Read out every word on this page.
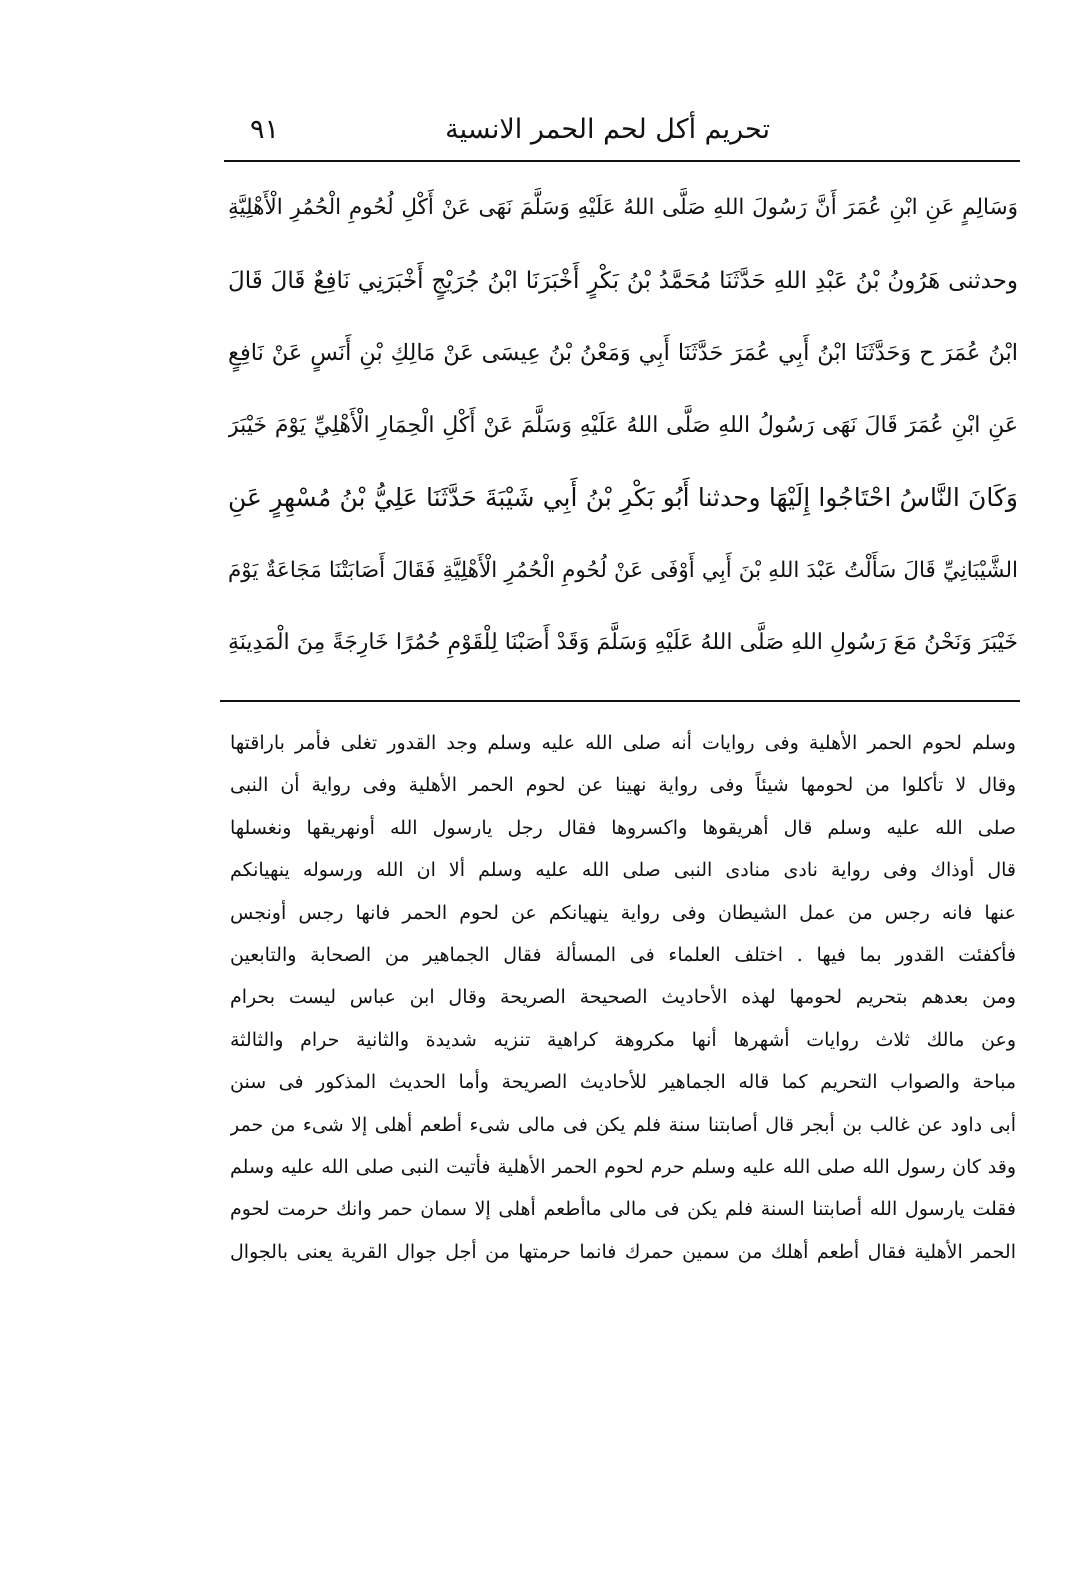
تحريم أكل لحم الحمر الانسية
٩١
وَسَالِمٍ عَنِ ابْنِ عُمَرَ أَنَّ رَسُولَ اللهِ صَلَّى اللهُ عَلَيْهِ وَسَلَّمَ نَهَى عَنْ أَكْلِ لُحُومِ الْحُمُرِ الْأَهْلِيَّةِ
وحدثنى هَرُونُ بْنُ عَبْدِ اللهِ حَدَّثَنَا مُحَمَّدُ بْنُ بَكْرٍ أَخْبَرَنَا ابْنُ جُرَيْجٍ أَخْبَرَنِي نَافِعٌ قَالَ قَالَ
ابْنُ عُمَرَ ح وَحَدَّثَنَا ابْنُ أَبِي عُمَرَ حَدَّثَنَا أَبِي وَمَعْنُ بْنُ عِيسَى عَنْ مَالِكِ بْنِ أَنَسٍ عَنْ نَافِعٍ
عَنِ ابْنِ عُمَرَ قَالَ نَهَى رَسُولُ اللهِ صَلَّى اللهُ عَلَيْهِ وَسَلَّمَ عَنْ أَكْلِ الْحِمَارِ الْأَهْلِيِّ يَوْمَ خَيْبَرَ
وَكَانَ النَّاسُ احْتَاجُوا إِلَيْهَا وحدثنا أَبُو بَكْرِ بْنُ أَبِي شَيْبَةَ حَدَّثَنَا عَلِيُّ بْنُ مُسْهِرٍ عَنِ
الشَّيْبَانِيِّ قَالَ سَأَلْتُ عَبْدَ اللهِ بْنَ أَبِي أَوْفَى عَنْ لُحُومِ الْحُمُرِ الْأَهْلِيَّةِ فَقَالَ أَصَابَتْنَا مَجَاعَةٌ يَوْمَ
خَيْبَرَ وَنَحْنُ مَعَ رَسُولِ اللهِ صَلَّى اللهُ عَلَيْهِ وَسَلَّمَ وَقَدْ أَصَبْنَا لِلْقَوْمِ حُمُرًا خَارِجَةً مِنَ الْمَدِينَةِ
وسلم لحوم الحمر الأهلية وفى روايات أنه صلى الله عليه وسلم وجد القدور تغلى فأمر باراقتها
وقال لا تأكلوا من لحومها شيئاً وفى رواية نهينا عن لحوم الحمر الأهلية وفى رواية أن النبى
صلى الله عليه وسلم قال أهريقوها واكسروها فقال رجل يارسول الله أونهريقها ونغسلها
قال أوذاك وفى رواية نادى منادى النبى صلى الله عليه وسلم ألا ان الله ورسوله ينهيانكم
عنها فانه رجس من عمل الشيطان وفى رواية ينهيانكم عن لحوم الحمر فانها رجس أونجس
فأكفئت القدور بما فيها . اختلف العلماء فى المسألة فقال الجماهير من الصحابة والتابعين
ومن بعدهم بتحريم لحومها لهذه الأحاديث الصحيحة الصريحة وقال ابن عباس ليست بحرام
وعن مالك ثلاث روايات أشهرها أنها مكروهة كراهية تنزيه شديدة والثانية حرام والثالثة
مباحة والصواب التحريم كما قاله الجماهير للأحاديث الصريحة وأما الحديث المذكور فى سنن
أبى داود عن غالب بن أبجر قال أصابتنا سنة فلم يكن فى مالى شىء أطعم أهلى إلا شىء من حمر
وقد كان رسول الله صلى الله عليه وسلم حرم لحوم الحمر الأهلية فأتيت النبى صلى الله عليه وسلم
فقلت يارسول الله أصابتنا السنة فلم يكن فى مالى ماأطعم أهلى إلا سمان حمر وانك حرمت لحوم
الحمر الأهلية فقال أطعم أهلك من سمين حمرك فانما حرمتها من أجل جوال القرية يعنى بالجوال
